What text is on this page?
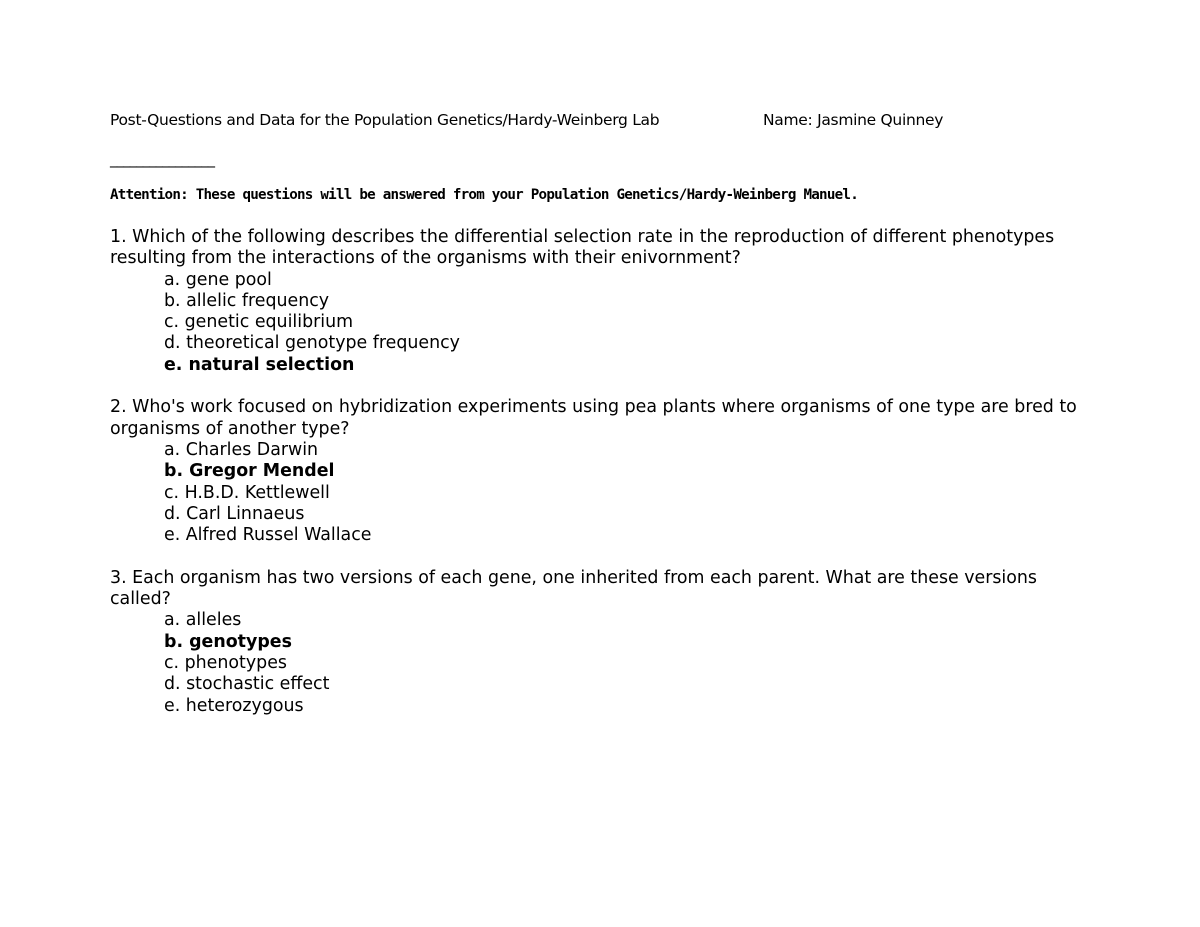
Post-Questions and Data for the Population Genetics/Hardy-Weinberg Lab	Name: Jasmine Quinney
________________
Attention: These questions will be answered from your Population Genetics/Hardy-Weinberg Manuel.

1. Which of the following describes the differential selection rate in the reproduction of different phenotypes resulting from the interactions of the organisms with their enivornment?

a. gene pool
b. allelic frequency
c. genetic equilibrium
d. theoretical genotype frequency
e. natural selection

2. Who's work focused on hybridization experiments using pea plants where organisms of one type are bred to organisms of another type?

a. Charles Darwin
b. Gregor Mendel
c. H.B.D. Kettlewell
d. Carl Linnaeus
e. Alfred Russel Wallace

3. Each organism has two versions of each gene, one inherited from each parent. What are these versions called?

a. alleles
b. genotypes
c. phenotypes
d. stochastic effect
e. heterozygous
